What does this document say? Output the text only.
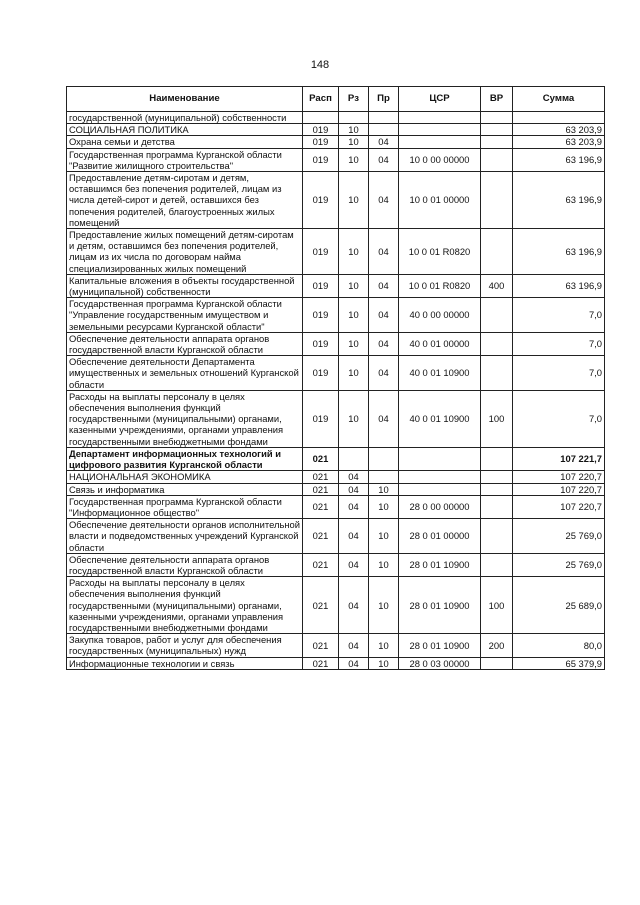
148
Наименование	Расп	Рз	Пр	ЦСР	ВР	Сумма
государственной (муниципальной) собственности						
СОЦИАЛЬНАЯ ПОЛИТИКА	019	10				63 203,9
Охрана семьи и детства	019	10	04			63 203,9
Государственная программа Курганской области "Развитие жилищного строительства"	019	10	04	10 0 00 00000		63 196,9
Предоставление детям-сиротам и детям, оставшимся без попечения родителей, лицам из числа детей-сирот и детей, оставшихся без попечения родителей, благоустроенных жилых помещений	019	10	04	10 0 01 00000		63 196,9
Предоставление жилых помещений детям-сиротам и детям, оставшимся без попечения родителей, лицам из их числа по договорам найма специализированных жилых помещений	019	10	04	10 0 01 R0820		63 196,9
Капитальные вложения в объекты государственной (муниципальной) собственности	019	10	04	10 0 01 R0820	400	63 196,9
Государственная программа Курганской области "Управление государственным имуществом и земельными ресурсами Курганской области"	019	10	04	40 0 00 00000		7,0
Обеспечение деятельности аппарата органов государственной власти Курганской области	019	10	04	40 0 01 00000		7,0
Обеспечение деятельности Департамента имущественных и земельных отношений Курганской области	019	10	04	40 0 01 10900		7,0
Расходы на выплаты персоналу в целях обеспечения выполнения функций государственными (муниципальными) органами, казенными учреждениями, органами управления государственными внебюджетными фондами	019	10	04	40 0 01 10900	100	7,0
Департамент информационных технологий и цифрового развития Курганской области	021					107 221,7
НАЦИОНАЛЬНАЯ ЭКОНОМИКА	021	04				107 220,7
Связь и информатика	021	04	10			107 220,7
Государственная программа Курганской области "Информационное общество"	021	04	10	28 0 00 00000		107 220,7
Обеспечение деятельности органов исполнительной власти и подведомственных учреждений Курганской области	021	04	10	28 0 01 00000		25 769,0
Обеспечение деятельности аппарата органов государственной власти Курганской области	021	04	10	28 0 01 10900		25 769,0
Расходы на выплаты персоналу в целях обеспечения выполнения функций государственными (муниципальными) органами, казенными учреждениями, органами управления государственными внебюджетными фондами	021	04	10	28 0 01 10900	100	25 689,0
Закупка товаров, работ и услуг для обеспечения государственных (муниципальных) нужд	021	04	10	28 0 01 10900	200	80,0
Информационные технологии и связь	021	04	10	28 0 03 00000		65 379,9
